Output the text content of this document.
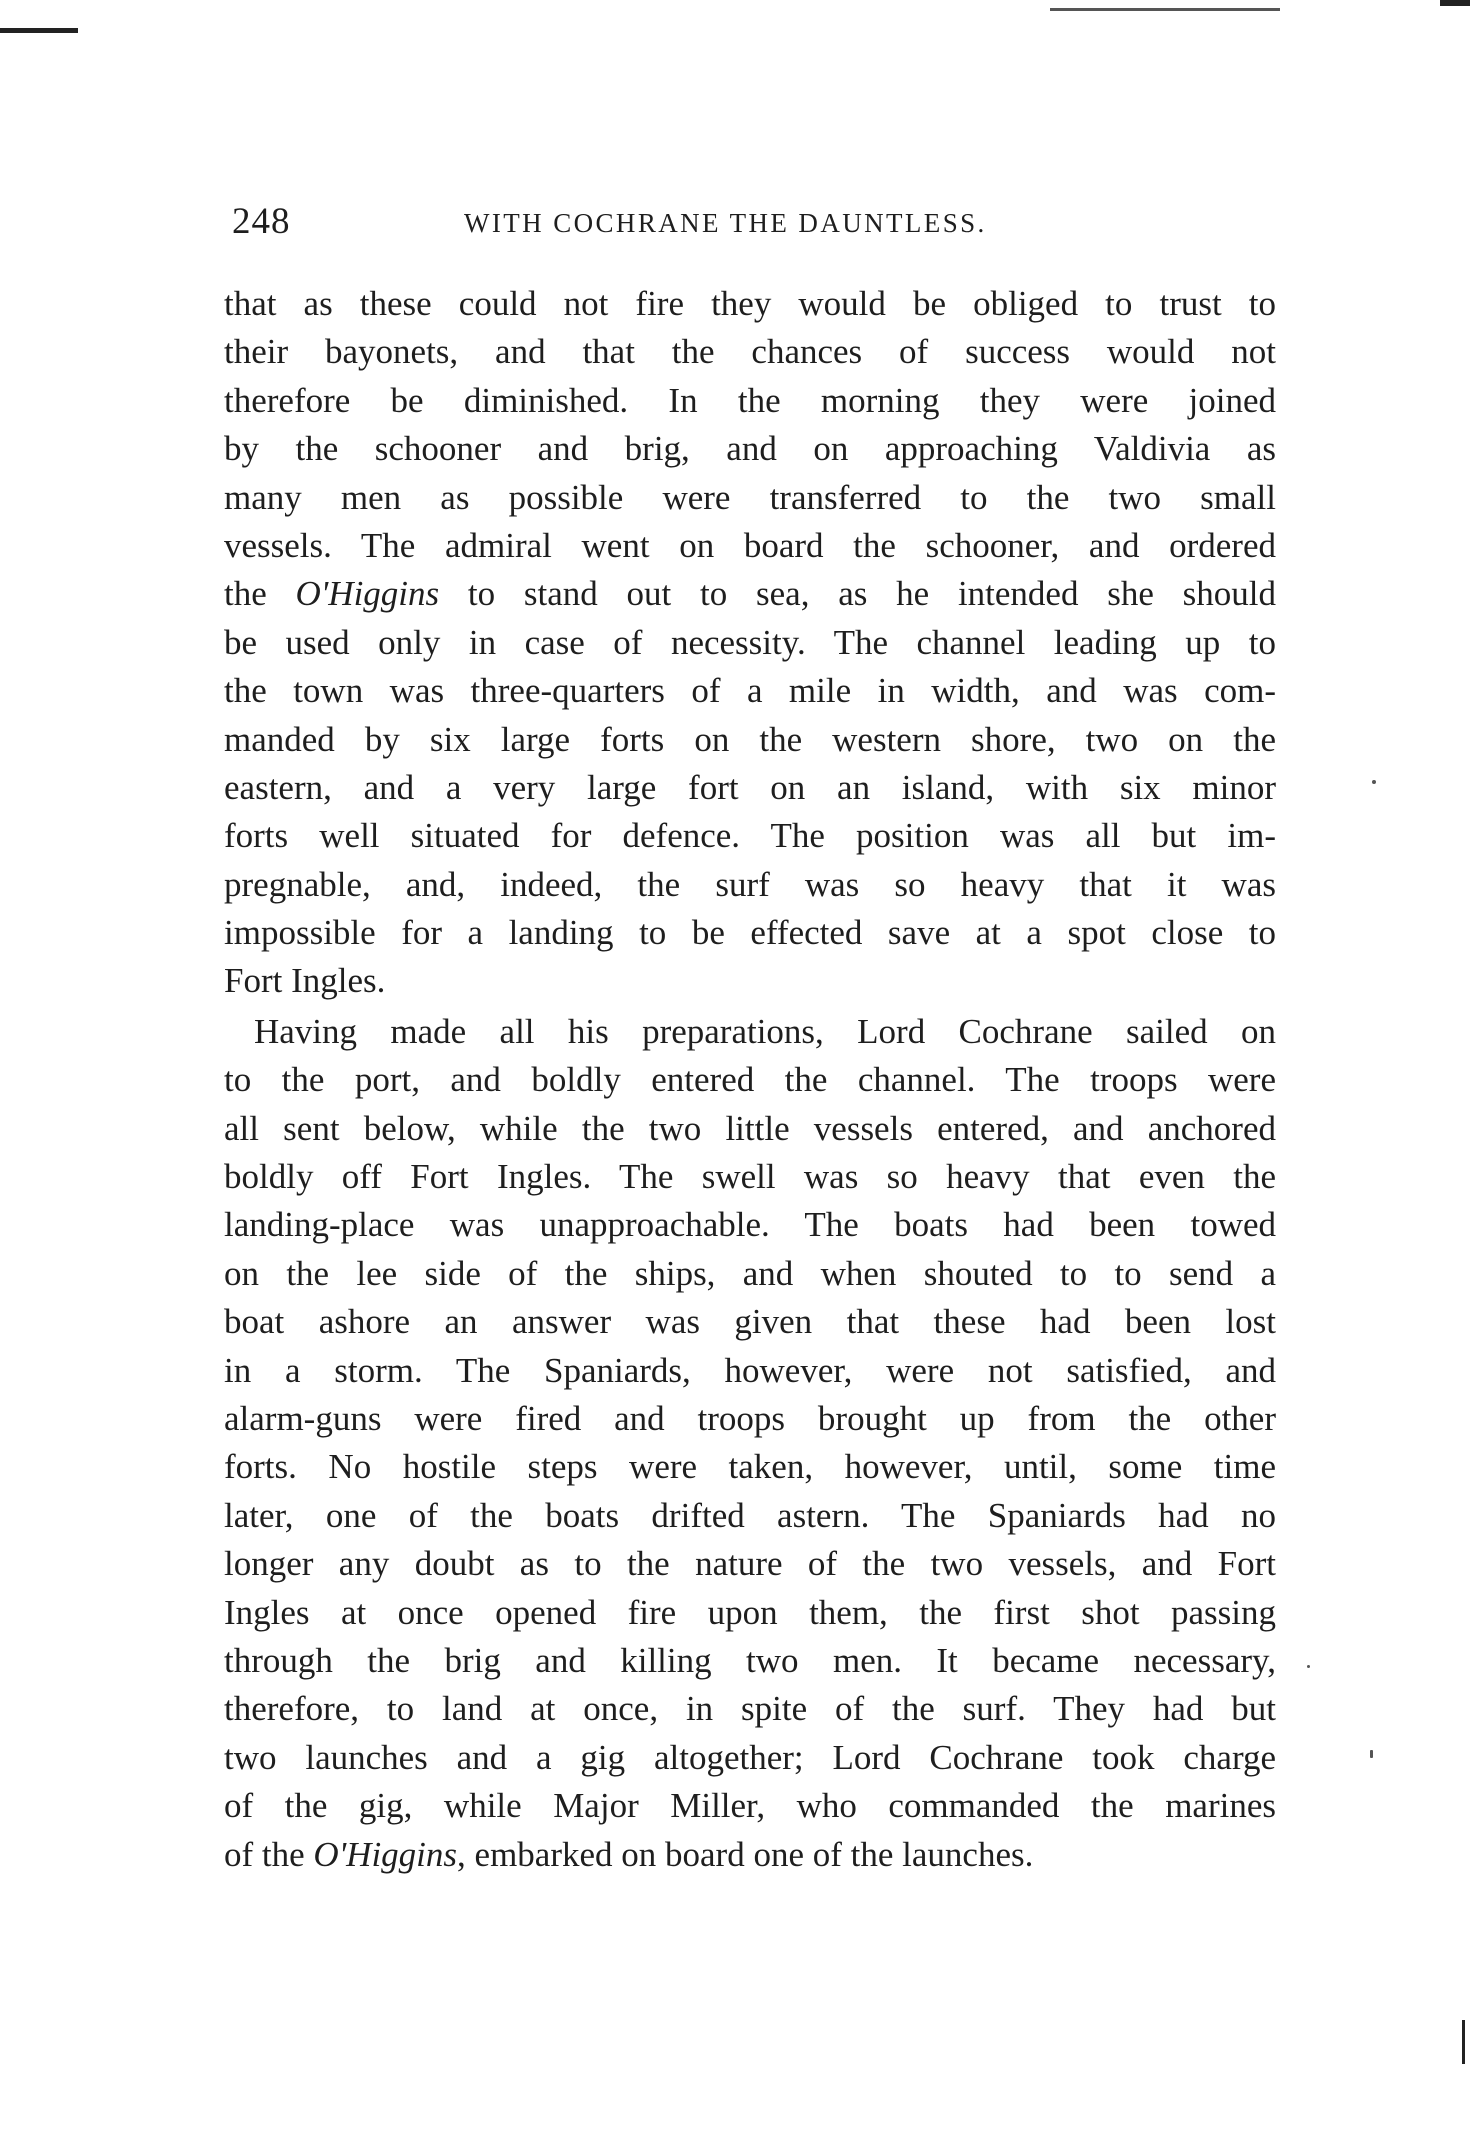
248	WITH COCHRANE THE DAUNTLESS.
that as these could not fire they would be obliged to trust to
their bayonets, and that the chances of success would not
therefore be diminished. In the morning they were joined
by the schooner and brig, and on approaching Valdivia as
many men as possible were transferred to the two small
vessels. The admiral went on board the schooner, and ordered
the O'Higgins to stand out to sea, as he intended she should
be used only in case of necessity. The channel leading up to
the town was three-quarters of a mile in width, and was com-
manded by six large forts on the western shore, two on the
eastern, and a very large fort on an island, with six minor
forts well situated for defence. The position was all but im-
pregnable, and, indeed, the surf was so heavy that it was
impossible for a landing to be effected save at a spot close to
Fort Ingles.
Having made all his preparations, Lord Cochrane sailed on
to the port, and boldly entered the channel. The troops were
all sent below, while the two little vessels entered, and anchored
boldly off Fort Ingles. The swell was so heavy that even the
landing-place was unapproachable. The boats had been towed
on the lee side of the ships, and when shouted to to send a
boat ashore an answer was given that these had been lost
in a storm. The Spaniards, however, were not satisfied, and
alarm-guns were fired and troops brought up from the other
forts. No hostile steps were taken, however, until, some time
later, one of the boats drifted astern. The Spaniards had no
longer any doubt as to the nature of the two vessels, and Fort
Ingles at once opened fire upon them, the first shot passing
through the brig and killing two men. It became necessary,
therefore, to land at once, in spite of the surf. They had but
two launches and a gig altogether; Lord Cochrane took charge
of the gig, while Major Miller, who commanded the marines
of the O'Higgins, embarked on board one of the launches.
